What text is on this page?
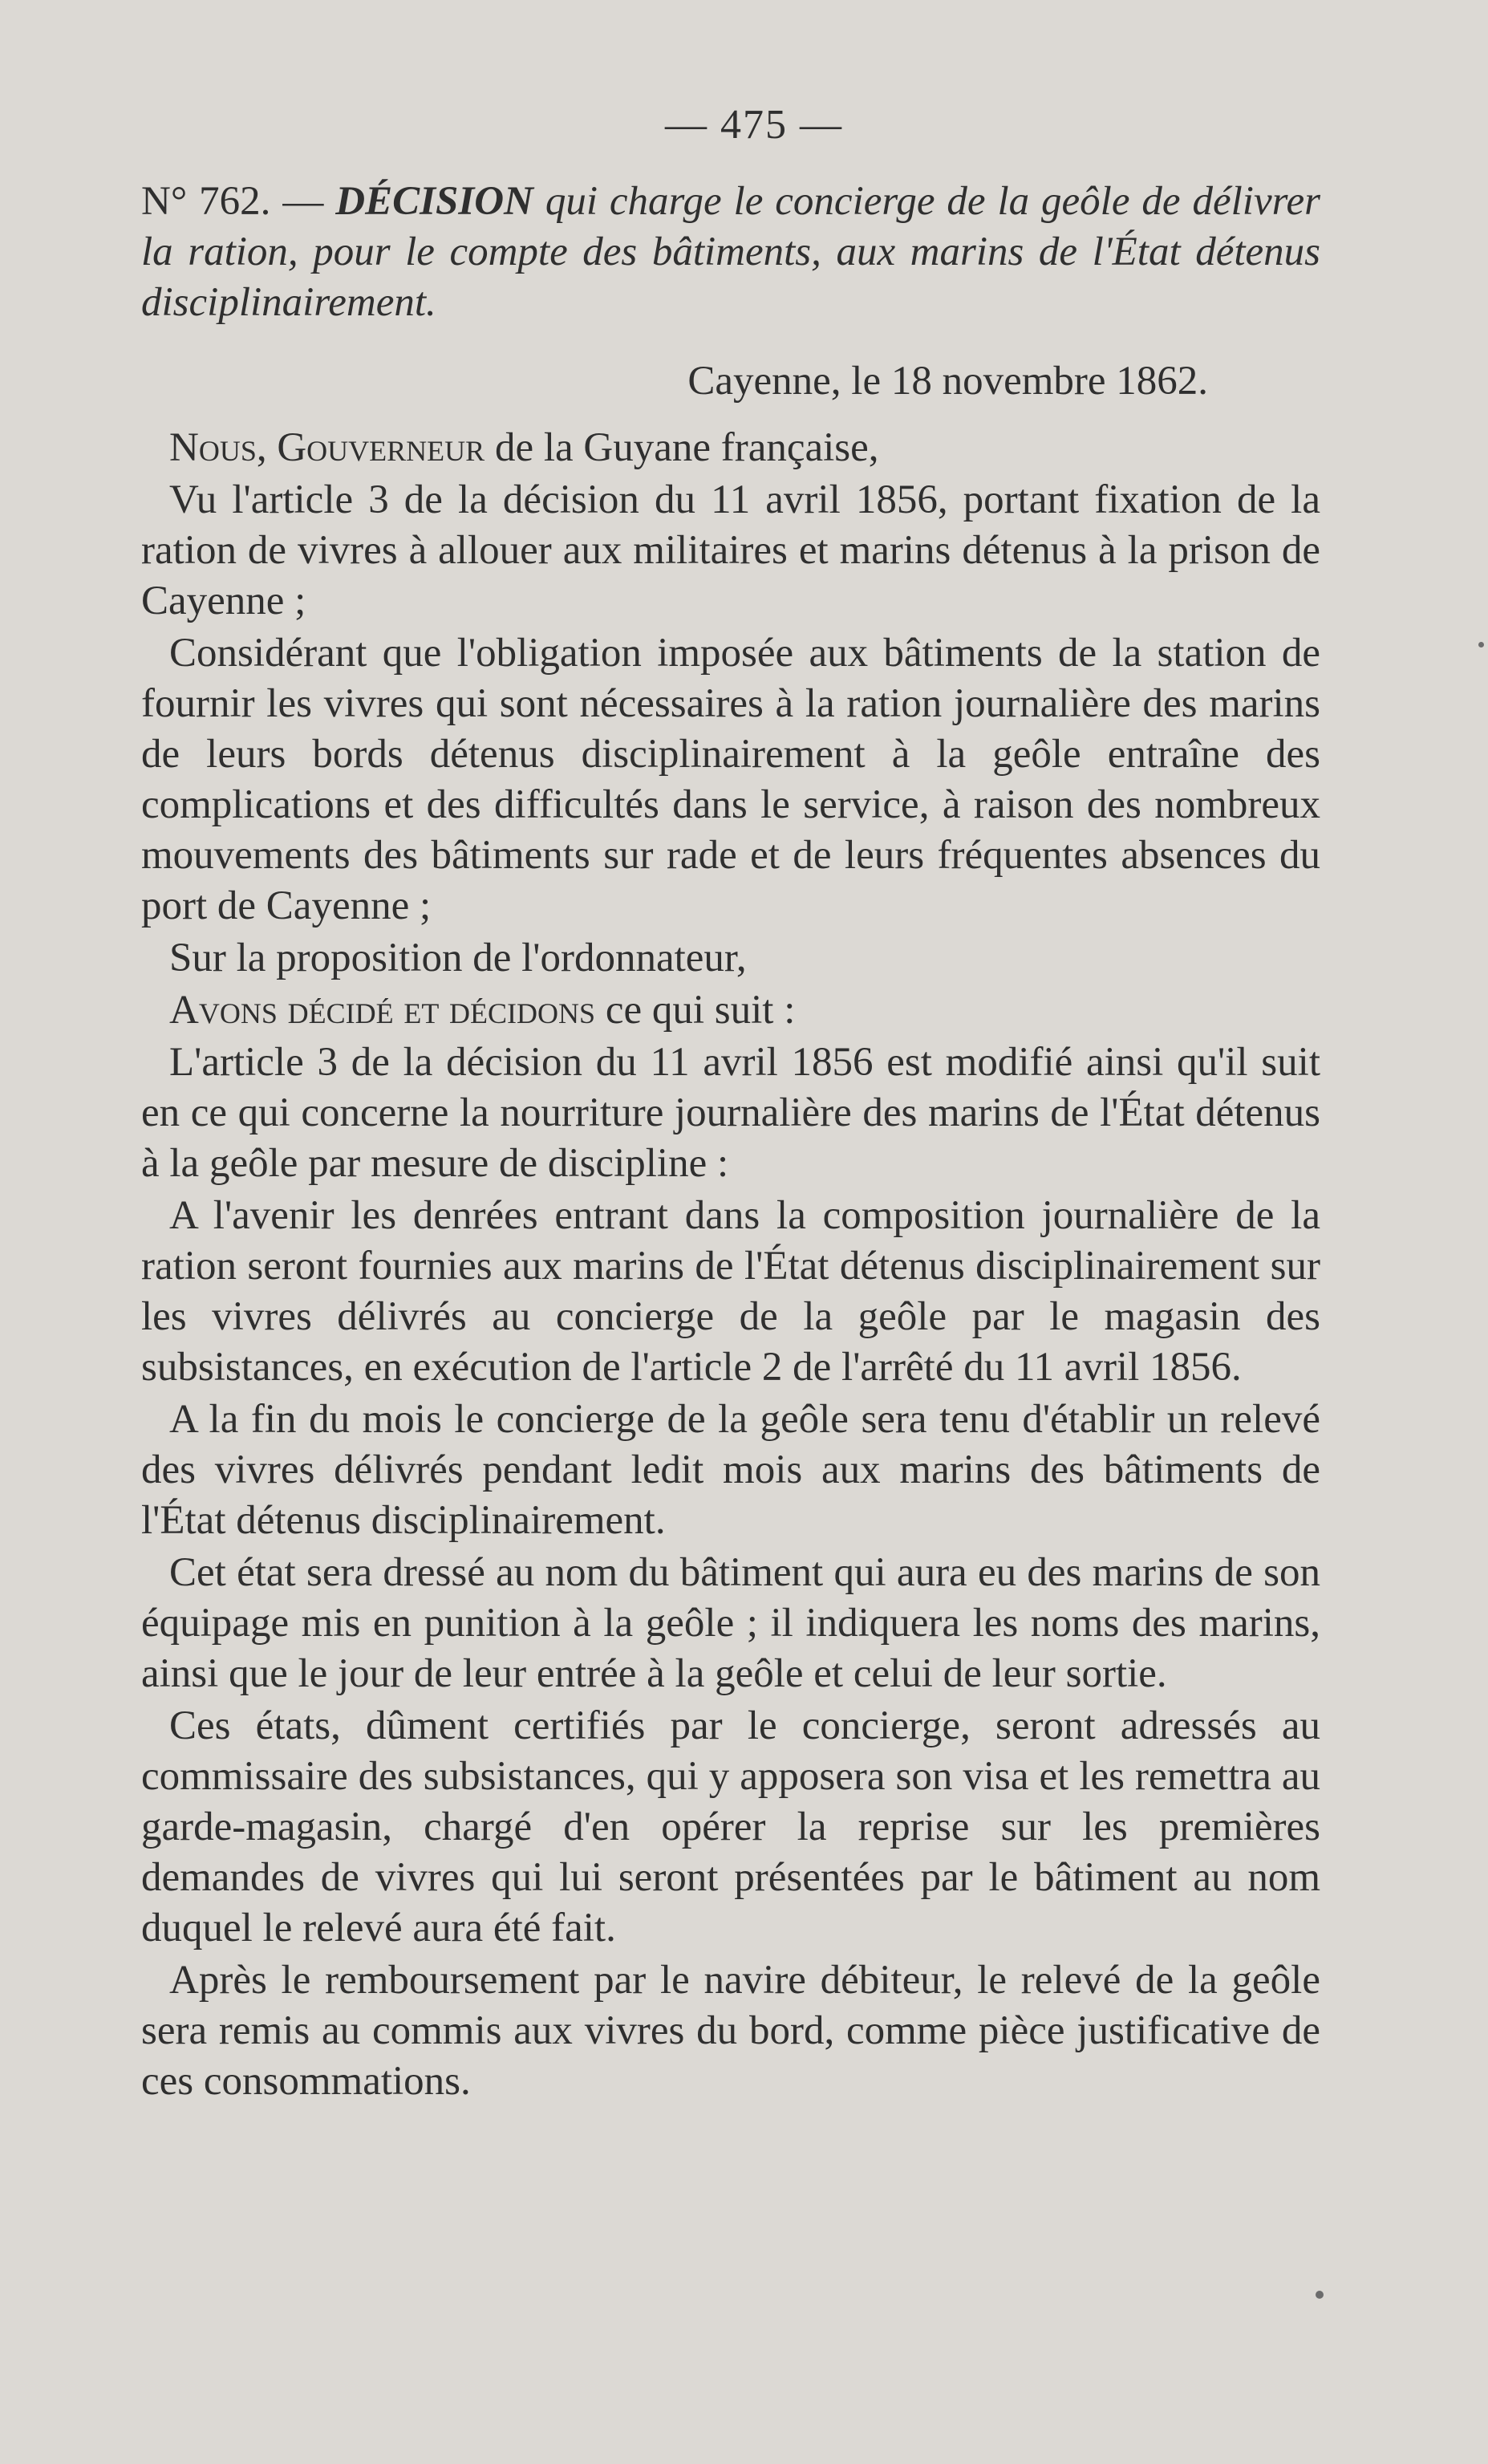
— 475 —

N° 762. — DÉCISION qui charge le concierge de la geôle de délivrer la ration, pour le compte des bâtiments, aux marins de l'État détenus disciplinairement.

Cayenne, le 18 novembre 1862.

Nous, Gouverneur de la Guyane française,

Vu l'article 3 de la décision du 11 avril 1856, portant fixation de la ration de vivres à allouer aux militaires et marins détenus à la prison de Cayenne ;

Considérant que l'obligation imposée aux bâtiments de la station de fournir les vivres qui sont nécessaires à la ration journalière des marins de leurs bords détenus disciplinairement à la geôle entraîne des complications et des difficultés dans le service, à raison des nombreux mouvements des bâtiments sur rade et de leurs fréquentes absences du port de Cayenne ;

Sur la proposition de l'ordonnateur,

Avons décidé et décidons ce qui suit :

L'article 3 de la décision du 11 avril 1856 est modifié ainsi qu'il suit en ce qui concerne la nourriture journalière des marins de l'État détenus à la geôle par mesure de discipline :

A l'avenir les denrées entrant dans la composition journalière de la ration seront fournies aux marins de l'État détenus disciplinairement sur les vivres délivrés au concierge de la geôle par le magasin des subsistances, en exécution de l'article 2 de l'arrêté du 11 avril 1856.

A la fin du mois le concierge de la geôle sera tenu d'établir un relevé des vivres délivrés pendant ledit mois aux marins des bâtiments de l'État détenus disciplinairement.

Cet état sera dressé au nom du bâtiment qui aura eu des marins de son équipage mis en punition à la geôle ; il indiquera les noms des marins, ainsi que le jour de leur entrée à la geôle et celui de leur sortie.

Ces états, dûment certifiés par le concierge, seront adressés au commissaire des subsistances, qui y apposera son visa et les remettra au garde-magasin, chargé d'en opérer la reprise sur les premières demandes de vivres qui lui seront présentées par le bâtiment au nom duquel le relevé aura été fait.

Après le remboursement par le navire débiteur, le relevé de la geôle sera remis au commis aux vivres du bord, comme pièce justificative de ces consommations.
